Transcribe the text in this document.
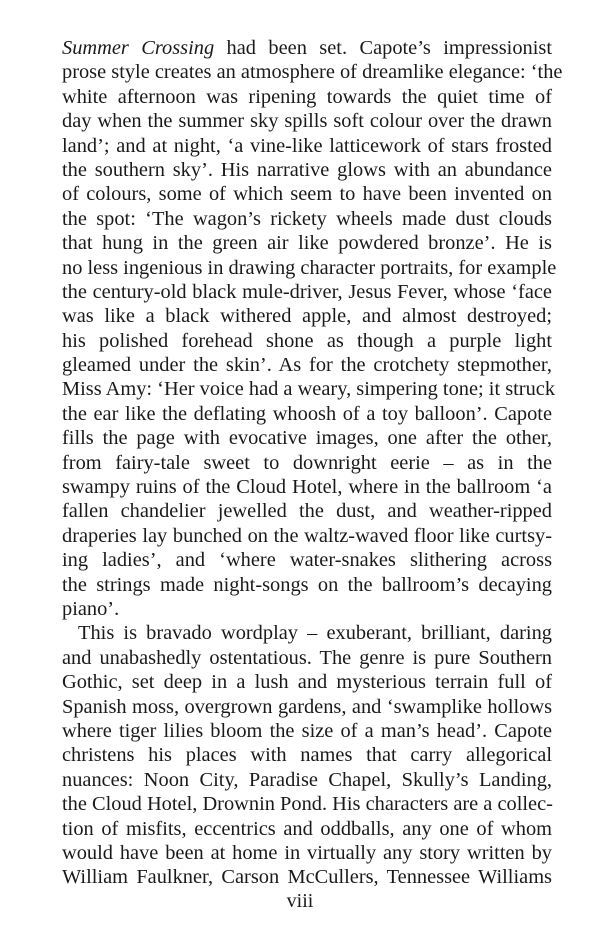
Summer Crossing had been set. Capote’s impressionist
prose style creates an atmosphere of dreamlike elegance: ‘the
white afternoon was ripening towards the quiet time of
day when the summer sky spills soft colour over the drawn
land’; and at night, ‘a vine-like latticework of stars frosted
the southern sky’. His narrative glows with an abundance
of colours, some of which seem to have been invented on
the spot: ‘The wagon’s rickety wheels made dust clouds
that hung in the green air like powdered bronze’. He is
no less ingenious in drawing character portraits, for example
the century-old black mule-driver, Jesus Fever, whose ‘face
was like a black withered apple, and almost destroyed;
his polished forehead shone as though a purple light
gleamed under the skin’. As for the crotchety stepmother,
Miss Amy: ‘Her voice had a weary, simpering tone; it struck
the ear like the deflating whoosh of a toy balloon’. Capote
fills the page with evocative images, one after the other,
from fairy-tale sweet to downright eerie – as in the
swampy ruins of the Cloud Hotel, where in the ballroom ‘a
fallen chandelier jewelled the dust, and weather-ripped
draperies lay bunched on the waltz-waved floor like curtsy-
ing ladies’, and ‘where water-snakes slithering across
the strings made night-songs on the ballroom’s decaying
piano’.
This is bravado wordplay – exuberant, brilliant, daring
and unabashedly ostentatious. The genre is pure Southern
Gothic, set deep in a lush and mysterious terrain full of
Spanish moss, overgrown gardens, and ‘swamplike hollows
where tiger lilies bloom the size of a man’s head’. Capote
christens his places with names that carry allegorical
nuances: Noon City, Paradise Chapel, Skully’s Landing,
the Cloud Hotel, Drownin Pond. His characters are a collec-
tion of misfits, eccentrics and oddballs, any one of whom
would have been at home in virtually any story written by
William Faulkner, Carson McCullers, Tennessee Williams
viii
